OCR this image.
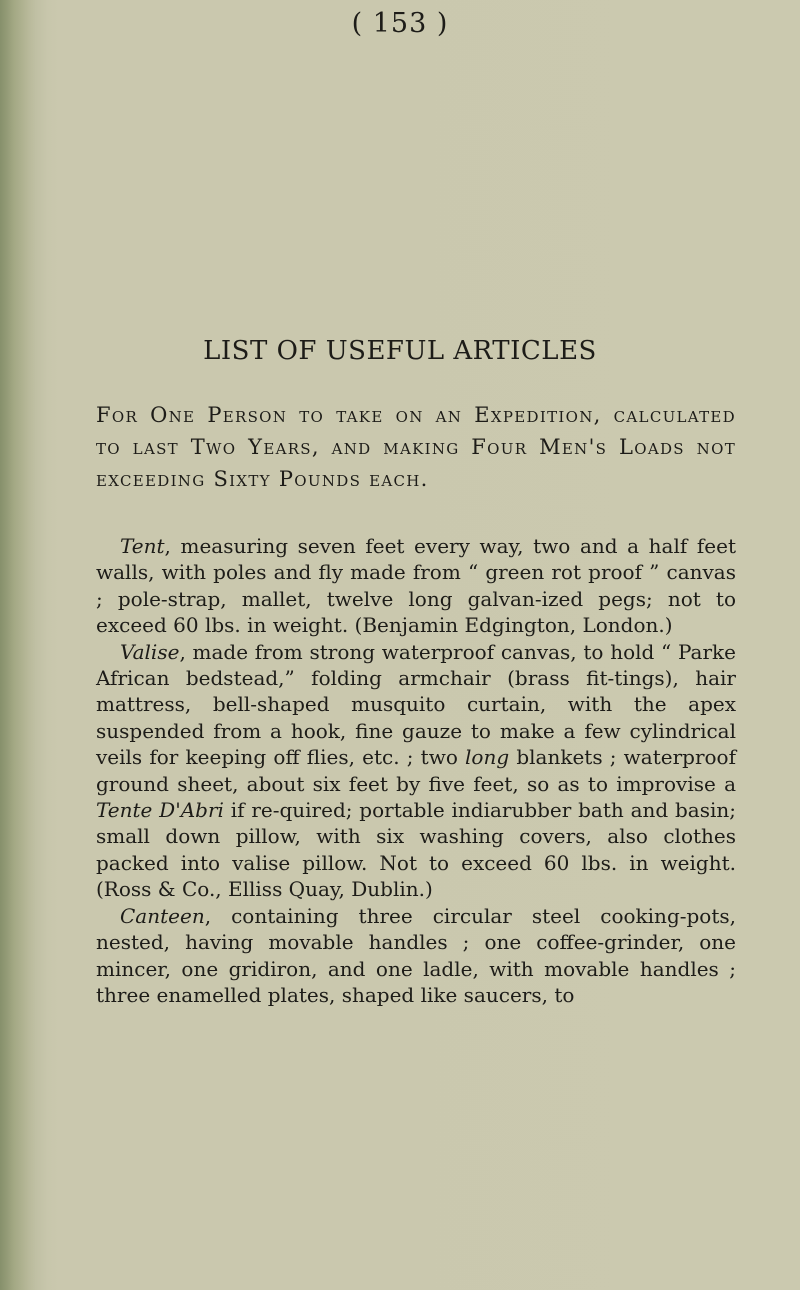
( 153 )
LIST OF USEFUL ARTICLES
For One Person to take on an Expedition, calculated to last Two Years, and making Four Men's Loads not exceeding Sixty Pounds each.

Tent, measuring seven feet every way, two and a half feet walls, with poles and fly made from “ green rot proof ” canvas ; pole-strap, mallet, twelve long galvan-ized pegs; not to exceed 60 lbs. in weight. (Benjamin Edgington, London.)

Valise, made from strong waterproof canvas, to hold “ Parke African bedstead,” folding armchair (brass fit-tings), hair mattress, bell-shaped musquito curtain, with the apex suspended from a hook, fine gauze to make a few cylindrical veils for keeping off flies, etc. ; two long blankets ; waterproof ground sheet, about six feet by five feet, so as to improvise a Tente D'Abri if re-quired; portable indiarubber bath and basin; small down pillow, with six washing covers, also clothes packed into valise pillow. Not to exceed 60 lbs. in weight. (Ross & Co., Elliss Quay, Dublin.)

Canteen, containing three circular steel cooking-pots, nested, having movable handles ; one coffee-grinder, one mincer, one gridiron, and one ladle, with movable handles ; three enamelled plates, shaped like saucers, to
